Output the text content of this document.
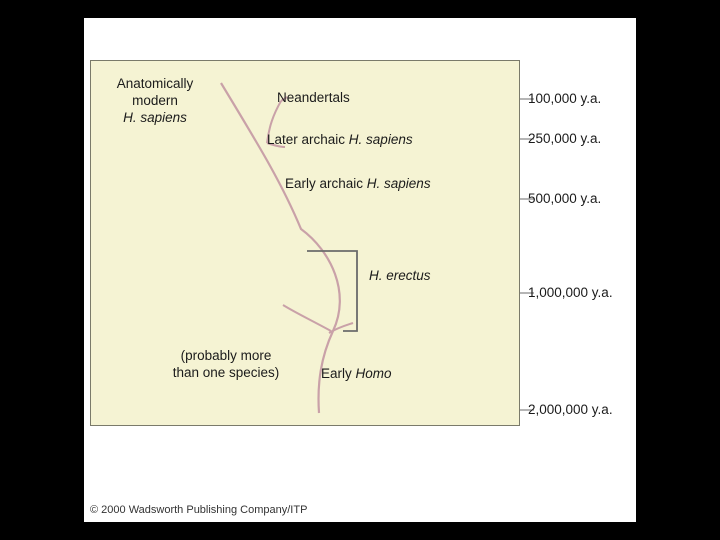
Anatomically
modern
H. sapiens
Neandertals
Later archaic H. sapiens
Early archaic H. sapiens
H. erectus
(probably more
than one species)	Early Homo
100,000 y.a.
250,000 y.a.
500,000 y.a.
1,000,000 y.a.
2,000,000 y.a.
© 2000 Wadsworth Publishing Company/ITP
